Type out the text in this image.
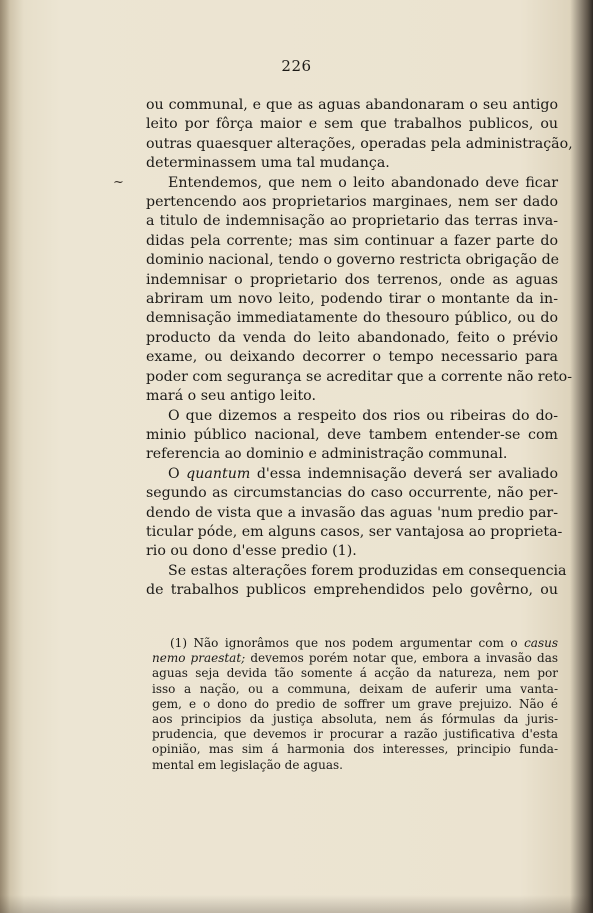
226
~
ou communal, e que as aguas abandonaram o seu antigo
leito por fôrça maior e sem que trabalhos publicos, ou
outras quaesquer alterações, operadas pela administração,
determinassem uma tal mudança.
Entendemos, que nem o leito abandonado deve ficar
pertencendo aos proprietarios marginaes, nem ser dado
a titulo de indemnisação ao proprietario das terras inva-
didas pela corrente; mas sim continuar a fazer parte do
dominio nacional, tendo o governo restricta obrigação de
indemnisar o proprietario dos terrenos, onde as aguas
abriram um novo leito, podendo tirar o montante da in-
demnisação immediatamente do thesouro público, ou do
producto da venda do leito abandonado, feito o prévio
exame, ou deixando decorrer o tempo necessario para
poder com segurança se acreditar que a corrente não reto-
mará o seu antigo leito.
O que dizemos a respeito dos rios ou ribeiras do do-
minio público nacional, deve tambem entender-se com
referencia ao dominio e administração communal.
O quantum d'essa indemnisação deverá ser avaliado
segundo as circumstancias do caso occurrente, não per-
dendo de vista que a invasão das aguas 'num predio par-
ticular póde, em alguns casos, ser vantajosa ao proprieta-
rio ou dono d'esse predio (1).
Se estas alterações forem produzidas em consequencia
de trabalhos publicos emprehendidos pelo govêrno, ou
(1) Não ignorâmos que nos podem argumentar com o casus
nemo praestat; devemos porém notar que, embora a invasão das
aguas seja devida tão somente á acção da natureza, nem por
isso a nação, ou a communa, deixam de auferir uma vanta-
gem, e o dono do predio de soffrer um grave prejuizo. Não é
aos principios da justiça absoluta, nem ás fórmulas da juris-
prudencia, que devemos ir procurar a razão justificativa d'esta
opinião, mas sim á harmonia dos interesses, principio funda-
mental em legislação de aguas.
